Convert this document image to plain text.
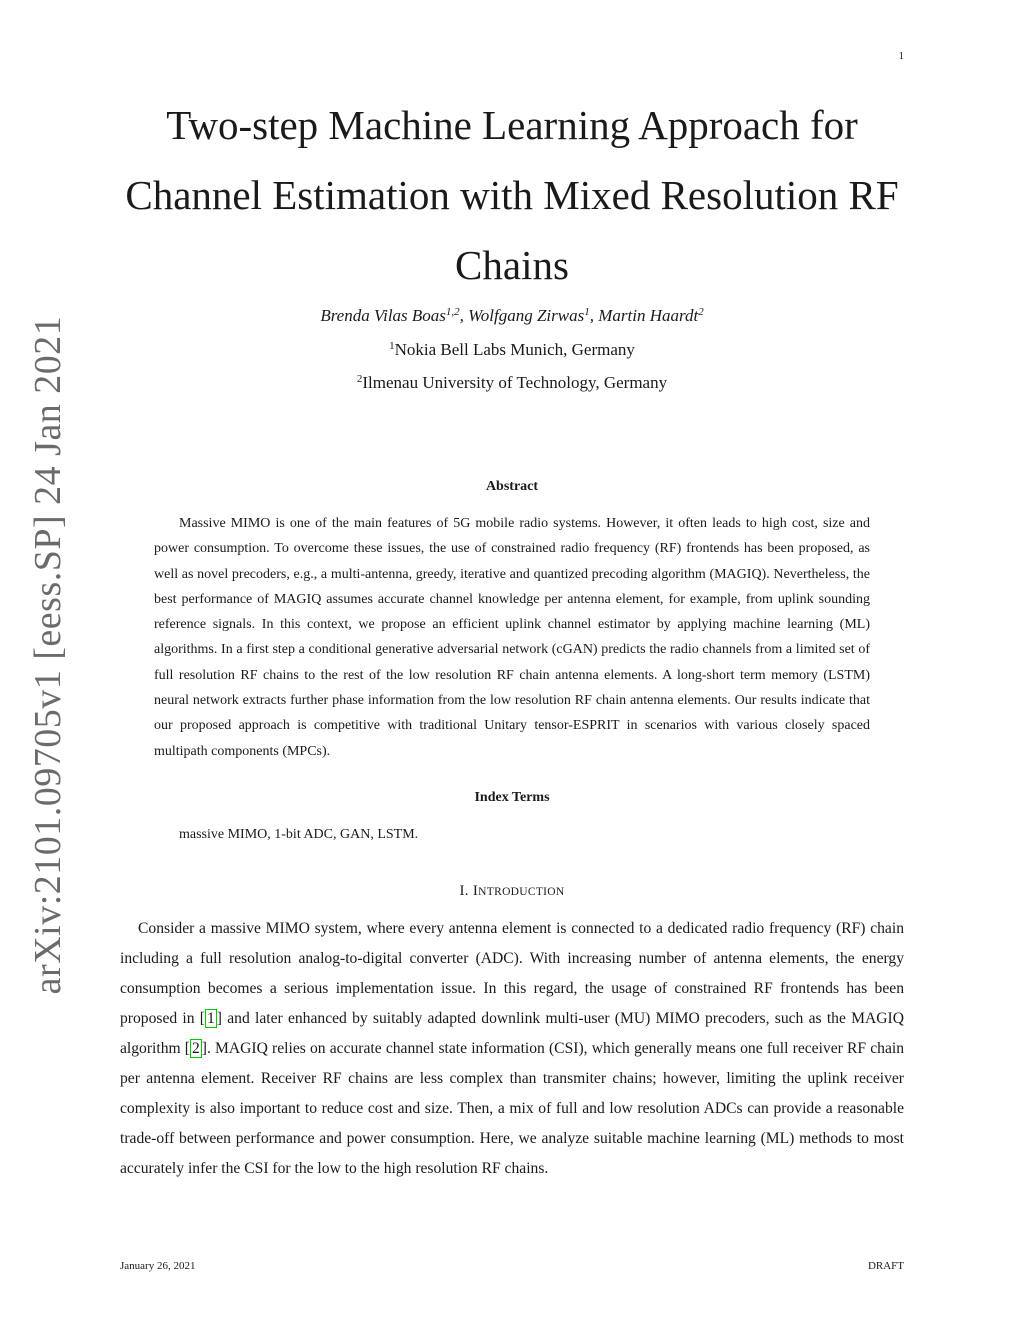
1
arXiv:2101.09705v1 [eess.SP] 24 Jan 2021
Two-step Machine Learning Approach for
Channel Estimation with Mixed Resolution RF
Chains
Brenda Vilas Boas$^{1,2}$, Wolfgang Zirwas$^1$, Martin Haardt$^2$
$^1$Nokia Bell Labs Munich, Germany
$^2$Ilmenau University of Technology, Germany
Abstract

Massive MIMO is one of the main features of 5G mobile radio systems. However, it often leads to high cost, size and power consumption. To overcome these issues, the use of constrained radio frequency (RF) frontends has been proposed, as well as novel precoders, e.g., a multi-antenna, greedy, iterative and quantized precoding algorithm (MAGIQ). Nevertheless, the best performance of MAGIQ assumes accurate channel knowledge per antenna element, for example, from uplink sounding reference signals. In this context, we propose an efficient uplink channel estimator by applying machine learning (ML) algorithms. In a first step a conditional generative adversarial network (cGAN) predicts the radio channels from a limited set of full resolution RF chains to the rest of the low resolution RF chain antenna elements. A long-short term memory (LSTM) neural network extracts further phase information from the low resolution RF chain antenna elements. Our results indicate that our proposed approach is competitive with traditional Unitary tensor-ESPRIT in scenarios with various closely spaced multipath components (MPCs).

Index Terms
massive MIMO, 1-bit ADC, GAN, LSTM.
I. INTRODUCTION

Consider a massive MIMO system, where every antenna element is connected to a dedicated radio frequency (RF) chain including a full resolution analog-to-digital converter (ADC). With increasing number of antenna elements, the energy consumption becomes a serious implementation issue. In this regard, the usage of constrained RF frontends has been proposed in [ 1 ] and later enhanced by suitably adapted downlink multi-user (MU) MIMO precoders, such as the MAGIQ algorithm [ 2 ]. MAGIQ relies on accurate channel state information (CSI), which generally means one full receiver RF chain per antenna element. Receiver RF chains are less complex than transmiter chains; however, limiting the uplink receiver complexity is also important to reduce cost and size. Then, a mix of full and low resolution ADCs can provide a reasonable trade-off between performance and power consumption. Here, we analyze suitable machine learning (ML) methods to most accurately infer the CSI for the low to the high resolution RF chains.

January 26, 2021	DRAFT
